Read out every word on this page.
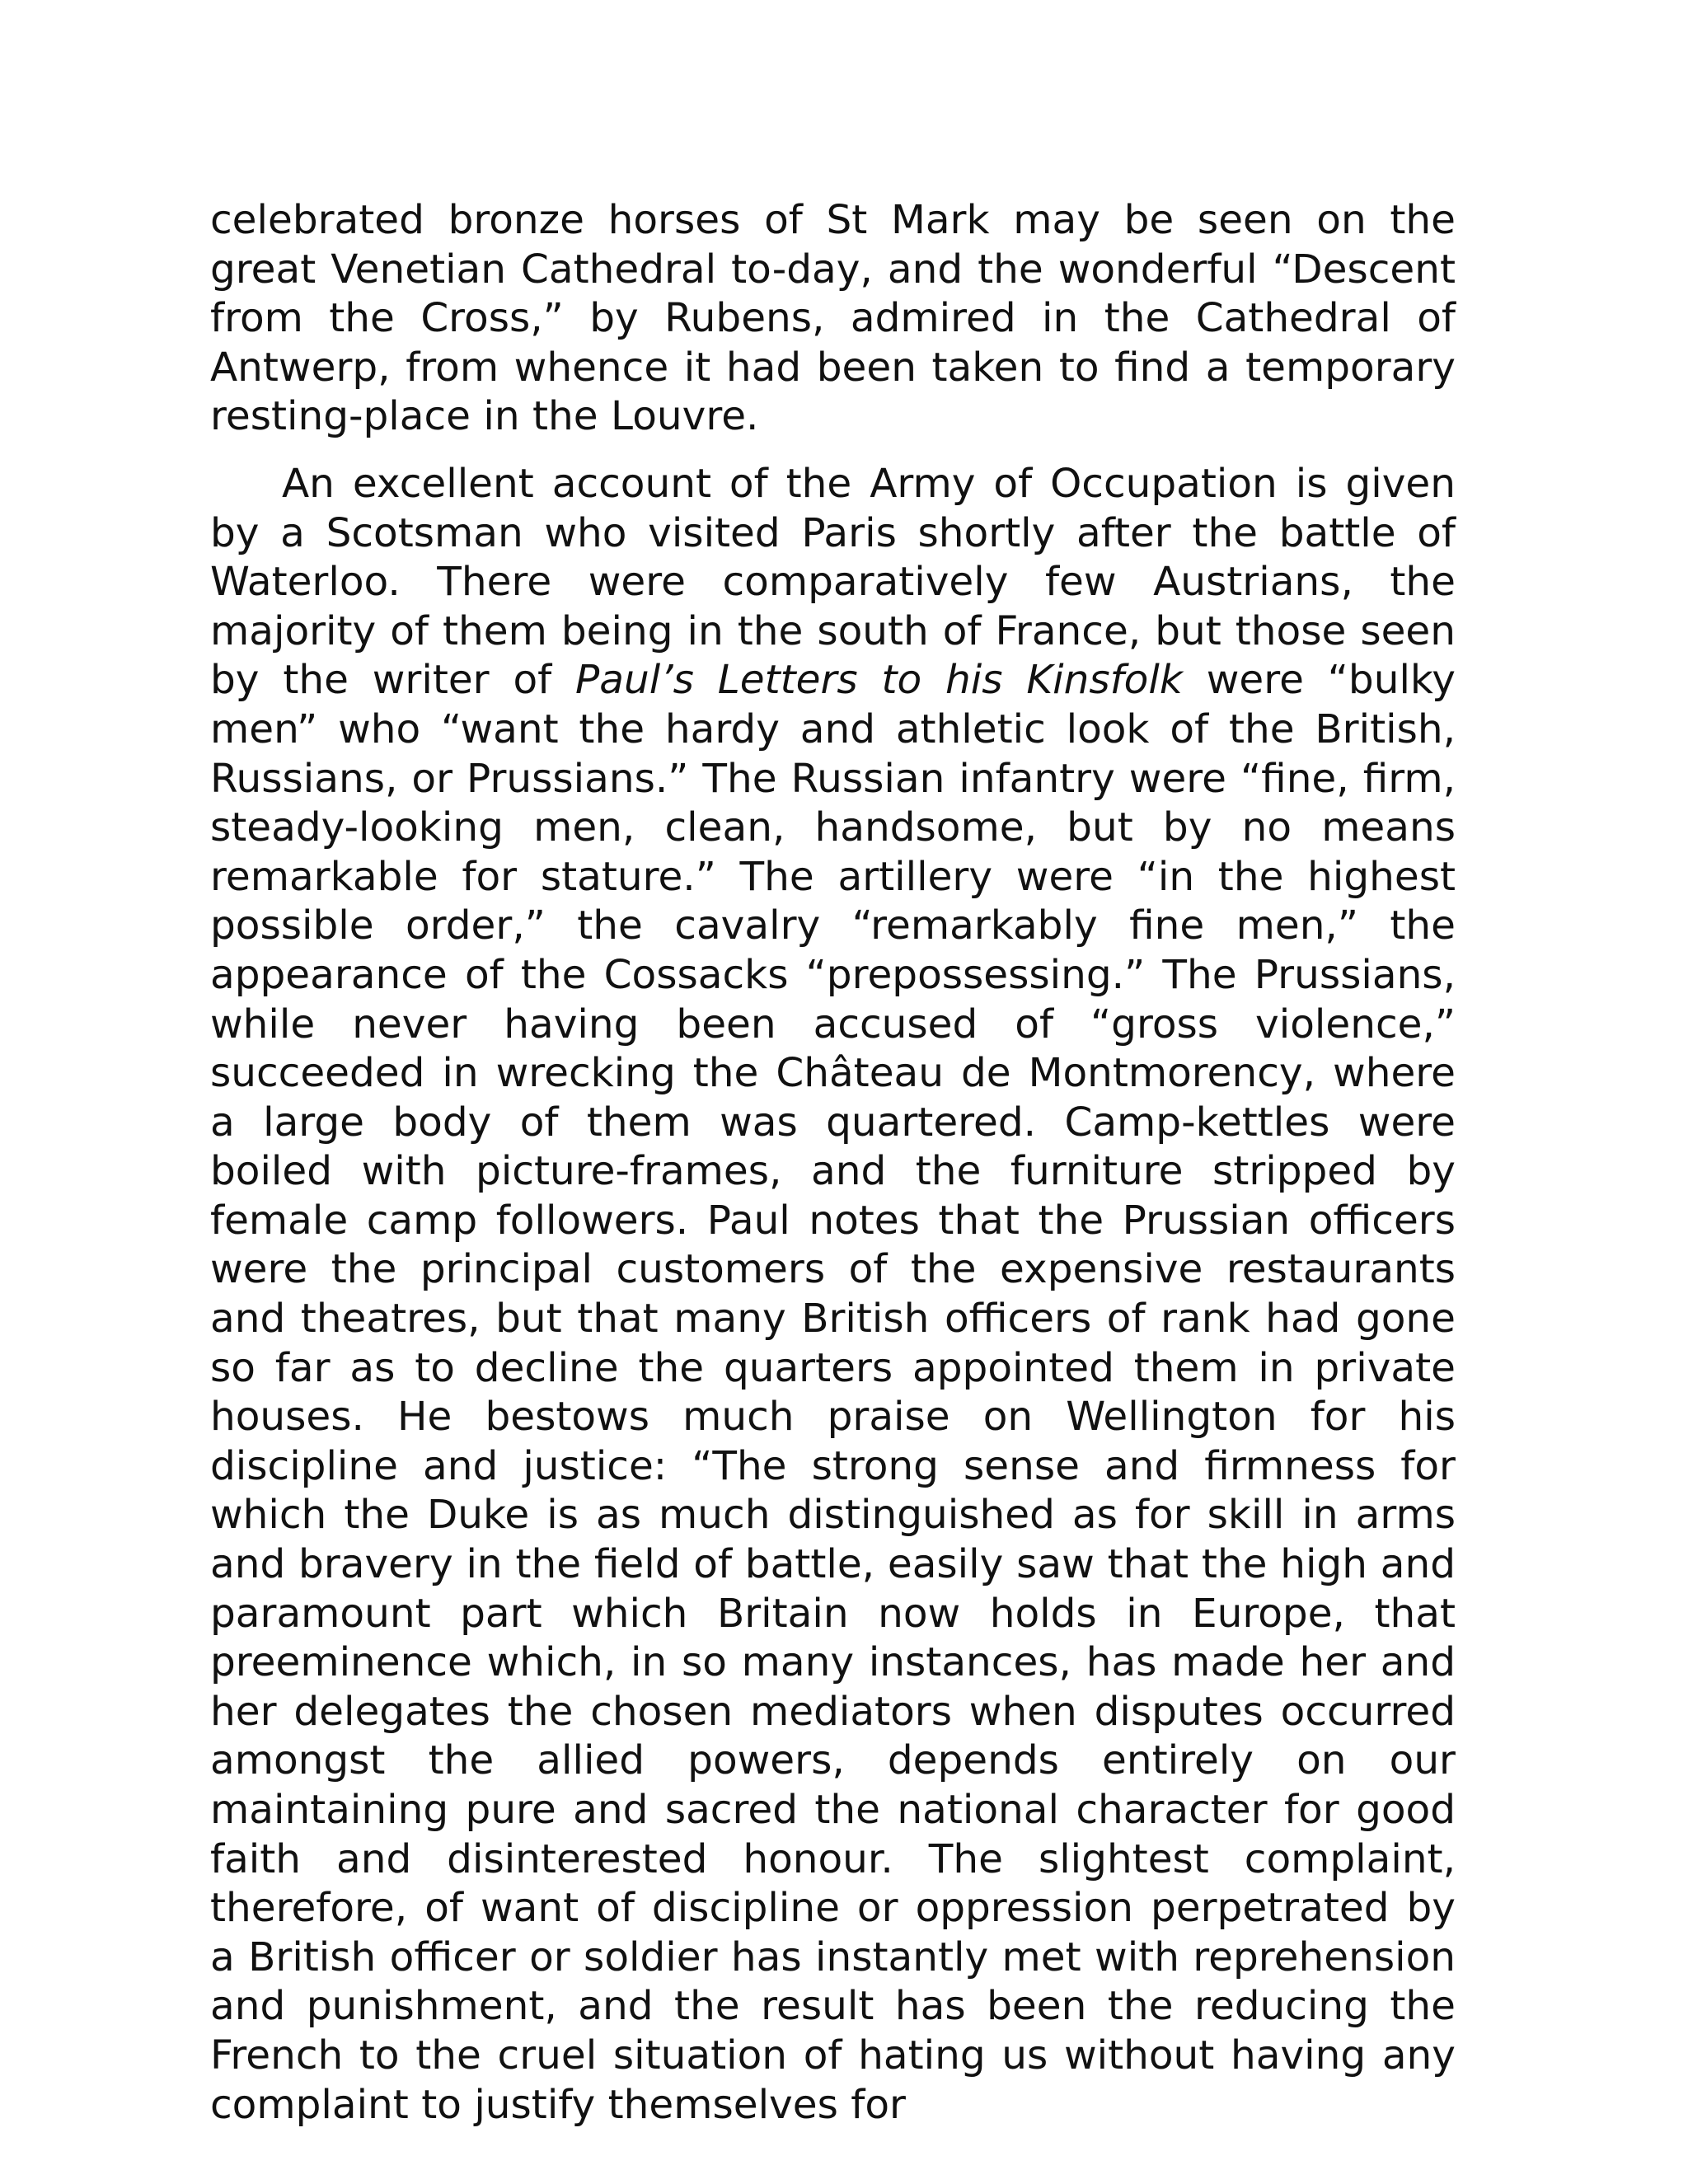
celebrated bronze horses of St Mark may be seen on the great Venetian Cathedral to-day, and the wonderful “Descent from the Cross,” by Rubens, admired in the Cathedral of Antwerp, from whence it had been taken to find a temporary resting-place in the Louvre.

An excellent account of the Army of Occupation is given by a Scotsman who visited Paris shortly after the battle of Waterloo. There were comparatively few Austrians, the majority of them being in the south of France, but those seen by the writer of Paul’s Letters to his Kinsfolk were “bulky men” who “want the hardy and athletic look of the British, Russians, or Prussians.” The Russian infantry were “fine, firm, steady-looking men, clean, handsome, but by no means remarkable for stature.” The artillery were “in the highest possible order,” the cavalry “remarkably fine men,” the appearance of the Cossacks “prepossessing.” The Prussians, while never having been accused of “gross violence,” succeeded in wrecking the Château de Montmorency, where a large body of them was quartered. Camp-kettles were boiled with picture-frames, and the furniture stripped by female camp followers. Paul notes that the Prussian officers were the principal customers of the expensive restaurants and theatres, but that many British officers of rank had gone so far as to decline the quarters appointed them in private houses. He bestows much praise on Wellington for his discipline and justice: “The strong sense and firmness for which the Duke is as much distinguished as for skill in arms and bravery in the field of battle, easily saw that the high and paramount part which Britain now holds in Europe, that preeminence which, in so many instances, has made her and her delegates the chosen mediators when disputes occurred amongst the allied powers, depends entirely on our maintaining pure and sacred the national character for good faith and disinterested honour. The slightest complaint, therefore, of want of discipline or oppression perpetrated by a British officer or soldier has instantly met with reprehension and punishment, and the result has been the reducing the French to the cruel situation of hating us without having any complaint to justify themselves for
